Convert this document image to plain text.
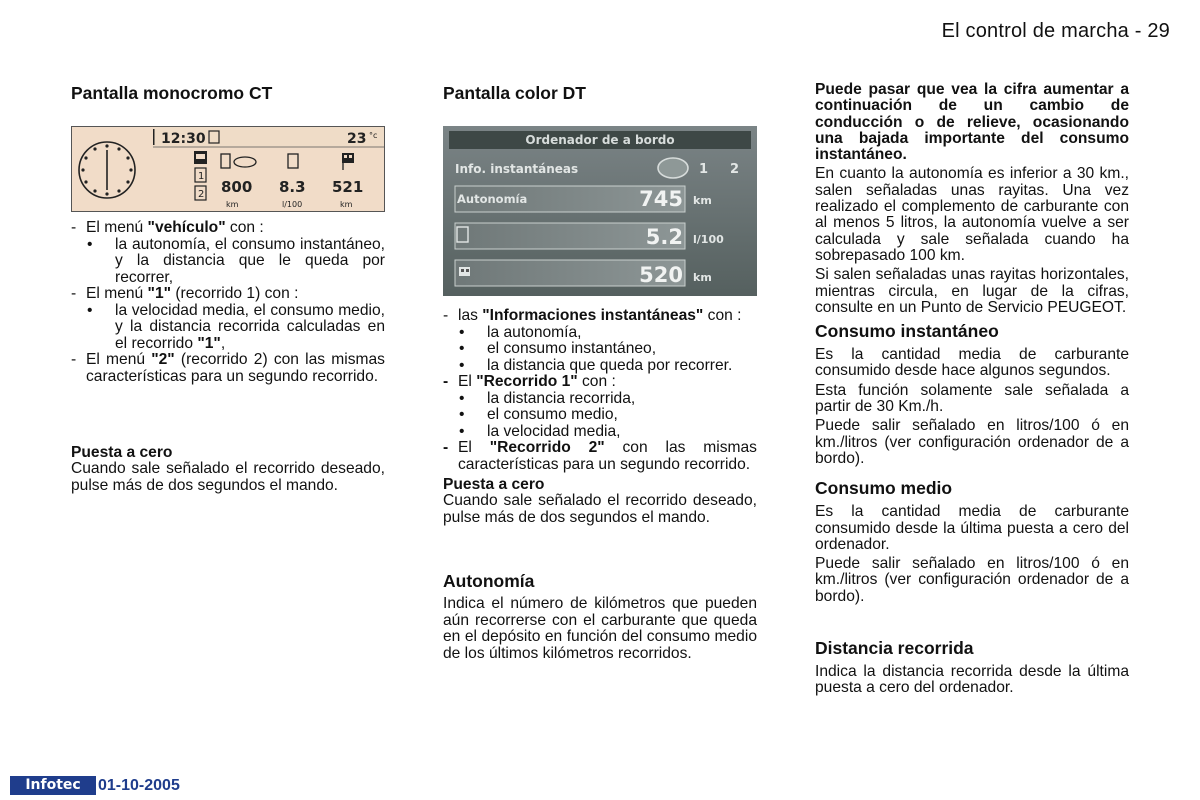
El control de marcha - 29
Pantalla monocromo CT
12:30	23 °c
1
2 800 8.3 521
km	l/100	km
- El menú "vehículo" con :
• la autonomía, el consumo instantáneo, y la distancia que le queda por recorrer,
- El menú "1" (recorrido 1) con :
• la velocidad media, el consumo medio, y la distancia recorrida calculadas en el recorrido "1",
- El menú "2" (recorrido 2) con las mismas características para un segundo recorrido.
Puesta a cero

Cuando sale señalado el recorrido deseado, pulse más de dos segundos el mando.

Pantalla color DT
Ordenador de a bordo
Info. instantáneas	1 2
Autonomía	745 km
5.2 l/100
520 km
- las "Informaciones instantáneas" con :
• la autonomía,
• el consumo instantáneo,
• la distancia que queda por recorrer.
- El "Recorrido 1" con :
• la distancia recorrida,
• el consumo medio,
• la velocidad media,
- El "Recorrido 2" con las mismas características para un segundo recorrido.
Puesta a cero

Cuando sale señalado el recorrido deseado, pulse más de dos segundos el mando.

Autonomía

Indica el número de kilómetros que pueden aún recorrerse con el carburante que queda en el depósito en función del consumo medio de los últimos kilómetros recorridos.

Puede pasar que vea la cifra aumentar a continuación de un cambio de conducción o de relieve, ocasionando una bajada importante del consumo instantáneo.

En cuanto la autonomía es inferior a 30 km., salen señaladas unas rayitas. Una vez realizado el complemento de carburante con al menos 5 litros, la autonomía vuelve a ser calculada y sale señalada cuando ha sobrepasado 100 km.

Si salen señaladas unas rayitas horizontales, mientras circula, en lugar de la cifras, consulte en un Punto de Servicio PEUGEOT.

Consumo instantáneo

Es la cantidad media de carburante consumido desde hace algunos segundos.

Esta función solamente sale señalada a partir de 30 Km./h.

Puede salir señalado en litros/100 ó en km./litros (ver configuración ordenador de a bordo).

Consumo medio

Es la cantidad media de carburante consumido desde la última puesta a cero del ordenador.

Puede salir señalado en litros/100 ó en km./litros (ver configuración ordenador de a bordo).

Distancia recorrida

Indica la distancia recorrida desde la última puesta a cero del ordenador.

Infotec	01-10-2005
